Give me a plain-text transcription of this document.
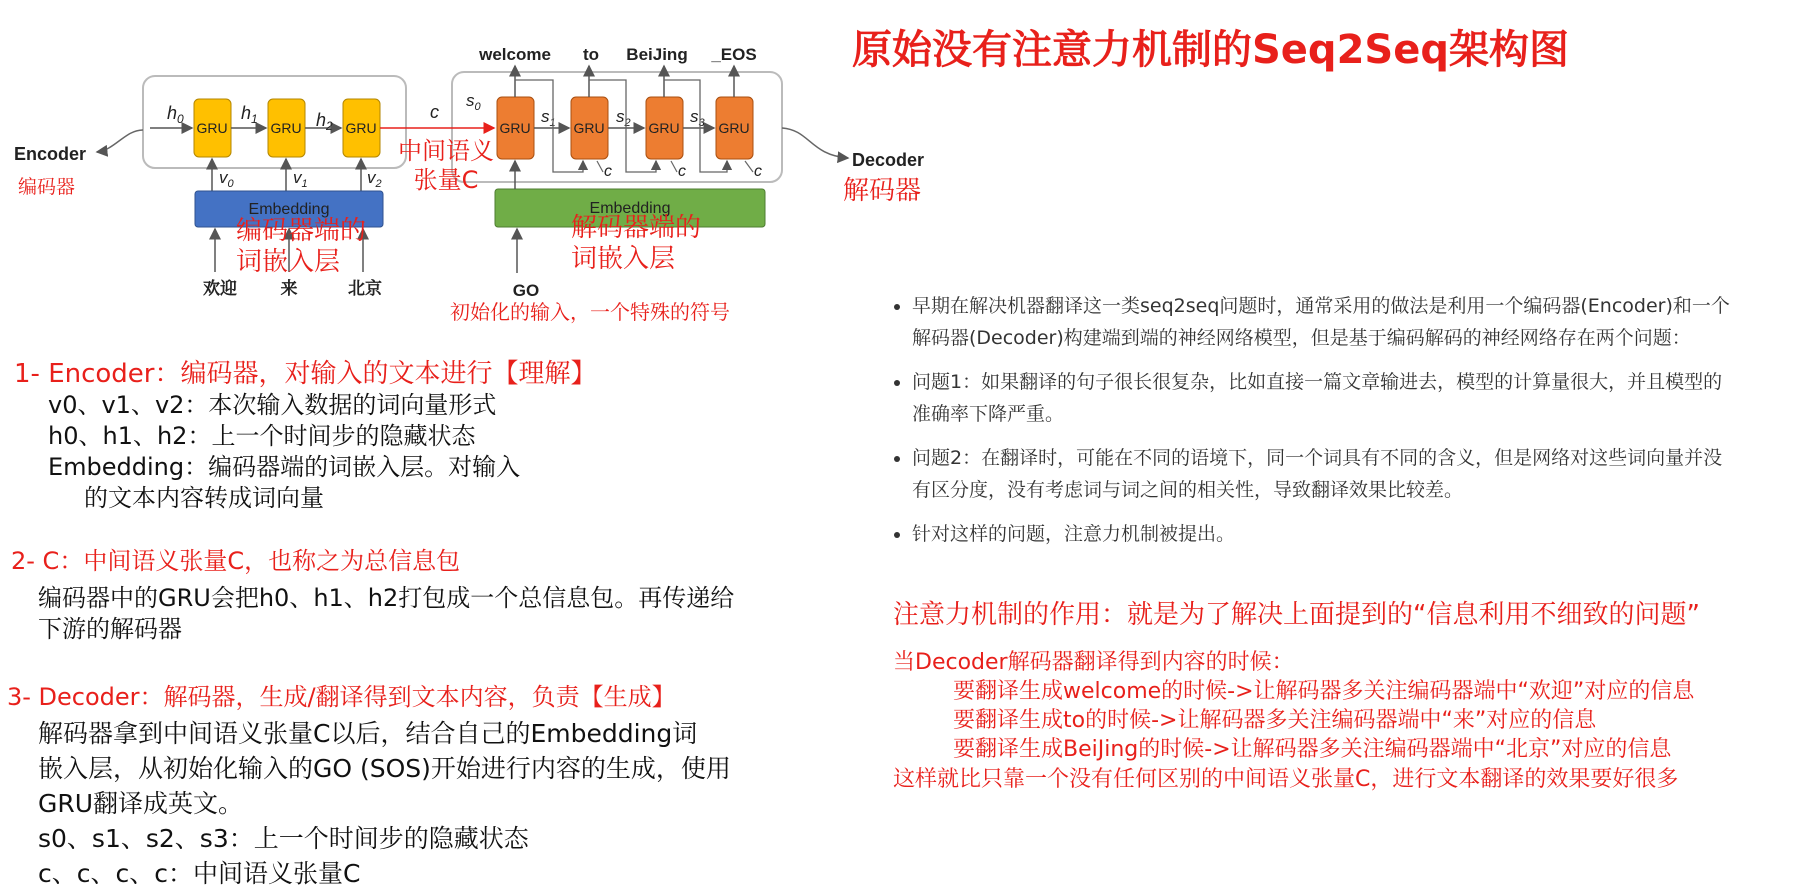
原始没有注意力机制的Seq2Seq架构图
Encoder	Decoder
GRU	GRU	GRU
$h_0$	$h_1$	$h_2$
c
$v_0$	$v_1$	$v_2$
Embedding
欢迎	来	北京
GRU	GRU	GRU	GRU
$s_0$	$s_1$	$s_2$	$s_3$
welcome to BeiJing _EOS
c	c	c
Embedding
GO
编码器	解码器
中间语义
张量C
编码器端的
词嵌入层
解码器端的
词嵌入层
初始化的输入，一个特殊的符号
1- Encoder：编码器，对输入的文本进行【理解】
v0、v1、v2：本次输入数据的词向量形式
h0、h1、h2：上一个时间步的隐藏状态
Embedding：编码器端的词嵌入层。对输入
的文本内容转成词向量
2- C：中间语义张量C，也称之为总信息包
编码器中的GRU会把h0、h1、h2打包成一个总信息包。再传递给
下游的解码器
3- Decoder：解码器，生成/翻译得到文本内容，负责【生成】
解码器拿到中间语义张量C以后，结合自己的Embedding词
嵌入层，从初始化输入的GO (SOS)开始进行内容的生成，使用
GRU翻译成英文。
s0、s1、s2、s3：上一个时间步的隐藏状态
c、c、c、c：中间语义张量C
• 早期在解决机器翻译这一类seq2seq问题时，通常采用的做法是利用一个编码器(Encoder)和一个解码器(Decoder)构建端到端的神经网络模型，但是基于编码解码的神经网络存在两个问题：
• 问题1：如果翻译的句子很长很复杂，比如直接一篇文章输进去，模型的计算量很大，并且模型的准确率下降严重。
• 问题2：在翻译时，可能在不同的语境下，同一个词具有不同的含义，但是网络对这些词向量并没有区分度，没有考虑词与词之间的相关性，导致翻译效果比较差。
• 针对这样的问题，注意力机制被提出。
注意力机制的作用：就是为了解决上面提到的“信息利用不细致的问题”
当Decoder解码器翻译得到内容的时候：
要翻译生成welcome的时候->让解码器多关注编码器端中“欢迎”对应的信息
要翻译生成to的时候->让解码器多关注编码器端中“来”对应的信息
要翻译生成BeiJing的时候->让解码器多关注编码器端中“北京”对应的信息
这样就比只靠一个没有任何区别的中间语义张量C，进行文本翻译的效果要好很多
